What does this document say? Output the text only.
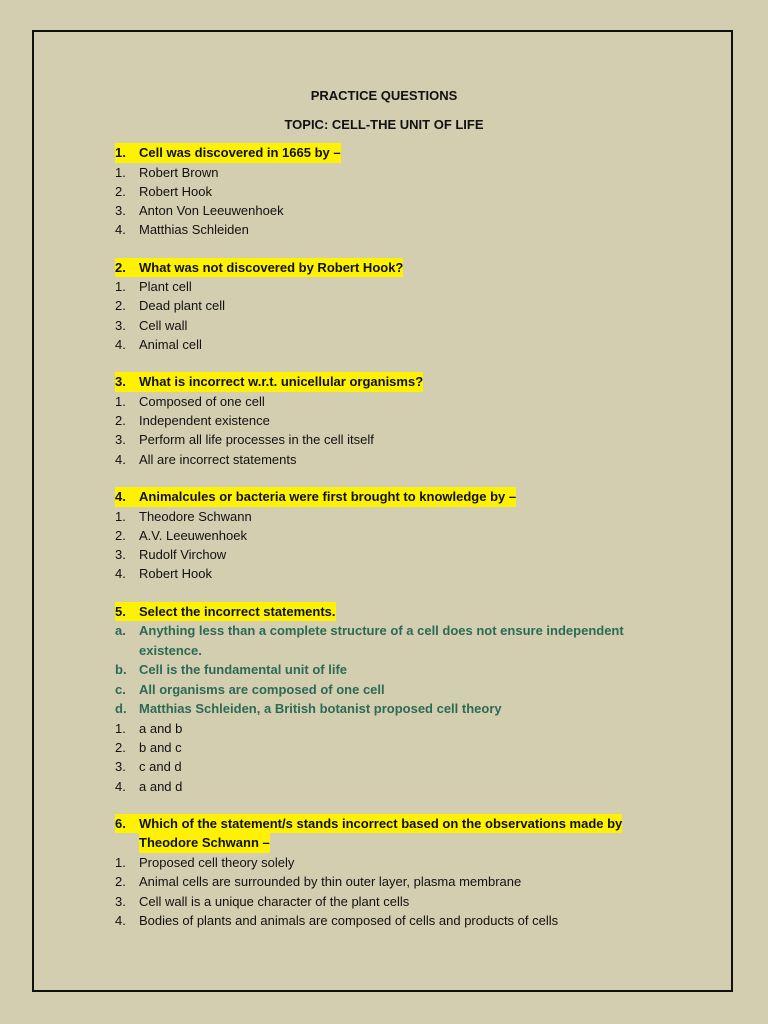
PRACTICE QUESTIONS

TOPIC: CELL-THE UNIT OF LIFE

1. Cell was discovered in 1665 by –

1.	Robert Brown

2.	Robert Hook

3.	Anton Von Leeuwenhoek

4.	Matthias Schleiden

2. What was not discovered by Robert Hook?

1.	Plant cell

2.	Dead plant cell

3.	Cell wall

4.	Animal cell

3. What is incorrect w.r.t. unicellular organisms?

1.	Composed of one cell

2.	Independent existence

3.	Perform all life processes in the cell itself

4.	All are incorrect statements

4. Animalcules or bacteria were first brought to knowledge by –

1.	Theodore Schwann

2.	A.V. Leeuwenhoek

3.	Rudolf Virchow

4.	Robert Hook

5. Select the incorrect statements.

a.	Anything less than a complete structure of a cell does not ensure independent

existence.

b. Cell is the fundamental unit of life

c.	All organisms are composed of one cell

d. Matthias Schleiden, a British botanist proposed cell theory

1.	a and b

2.	b and c

3.	c and d

4.	a and d

6. Which of the statement/s stands incorrect based on the observations made by

Theodore Schwann –

1.	Proposed cell theory solely

2.	Animal cells are surrounded by thin outer layer, plasma membrane

3.	Cell wall is a unique character of the plant cells

4.	Bodies of plants and animals are composed of cells and products of cells
